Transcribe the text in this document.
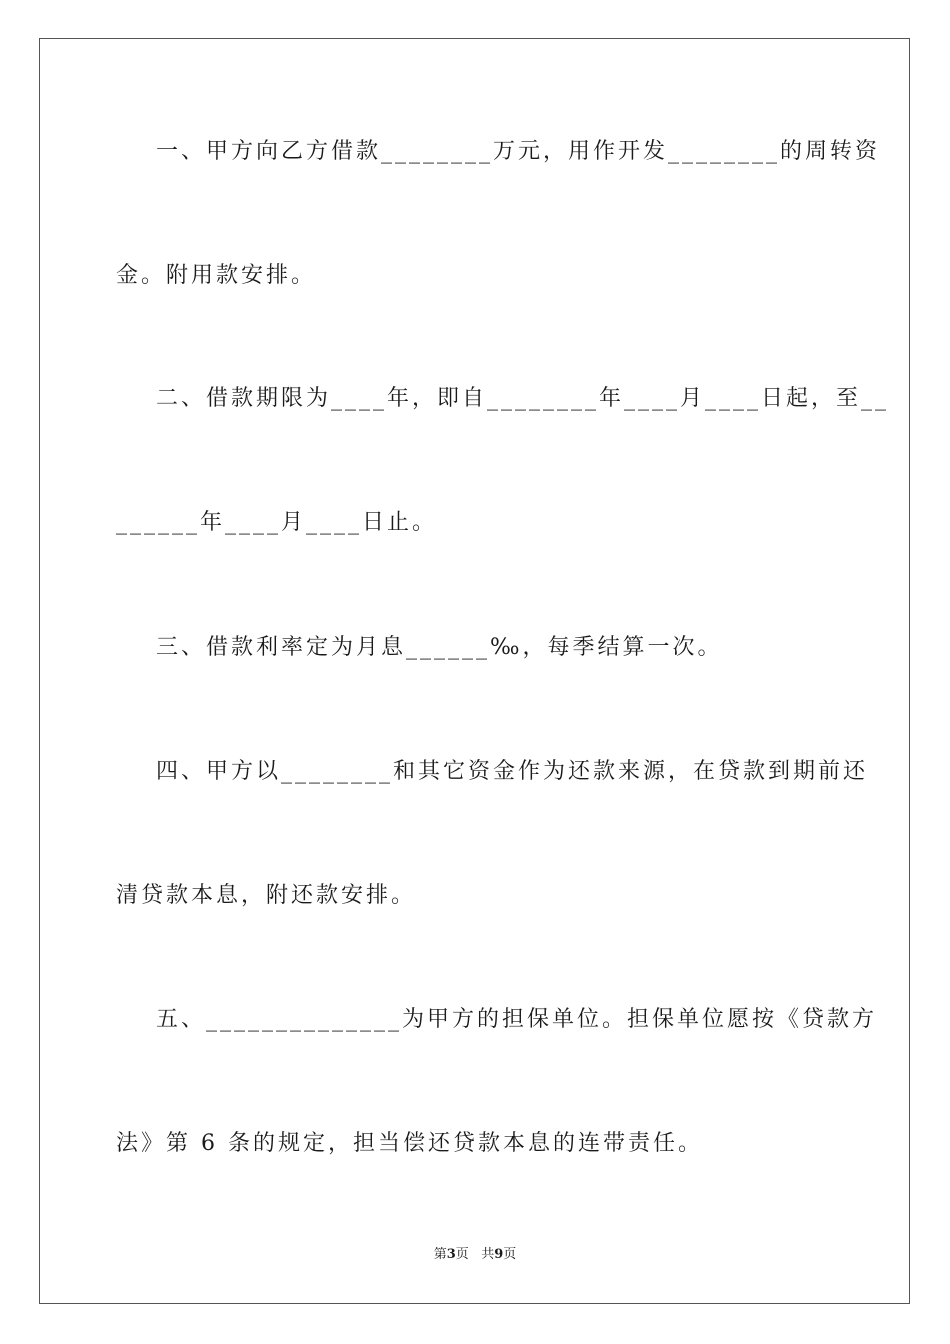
一、甲方向乙方借款________万元，用作开发________的周转资
金。附用款安排。
二、借款期限为____年，即自________年____月____日起，至__
______年____月____日止。
三、借款利率定为月息______‰，每季结算一次。
四、甲方以________和其它资金作为还款来源，在贷款到期前还
清贷款本息，附还款安排。
五、______________为甲方的担保单位。担保单位愿按《贷款方
法》第 6 条的规定，担当偿还贷款本息的连带责任。
第3页 共9页
